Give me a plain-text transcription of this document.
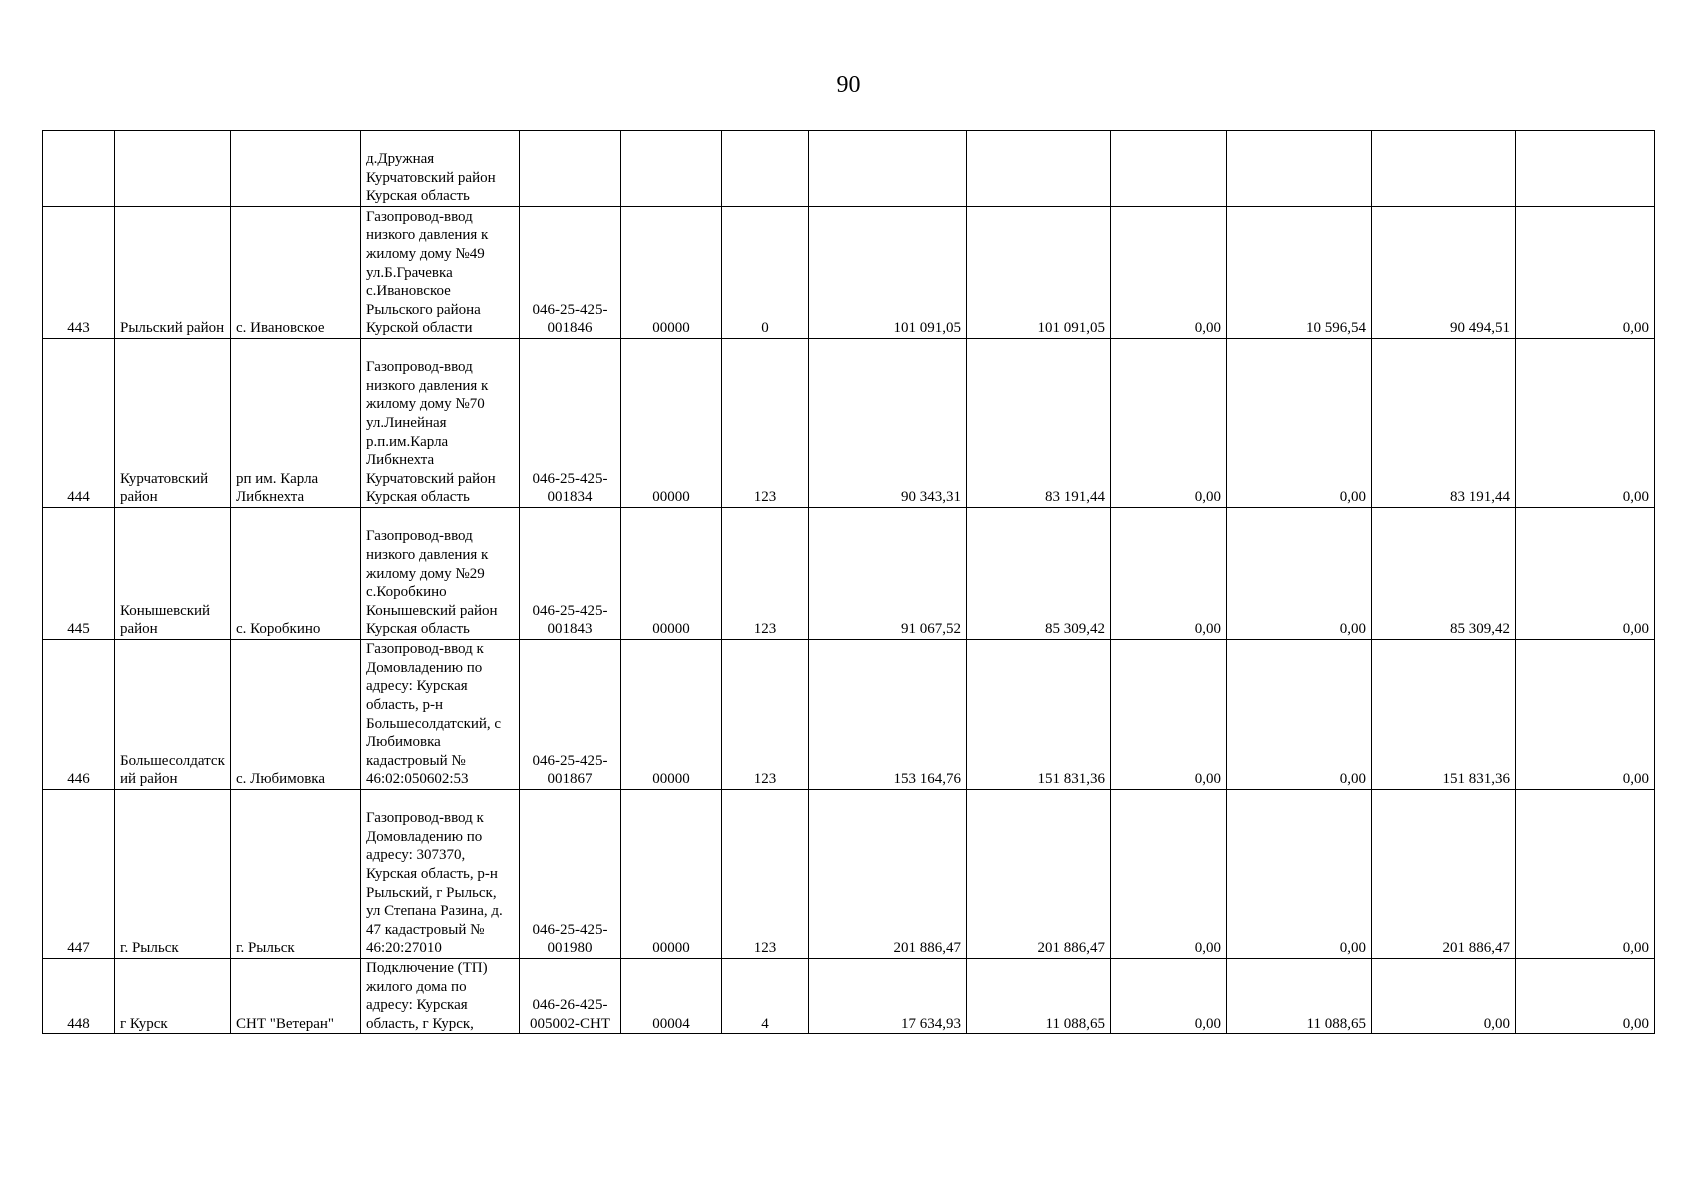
90
			д.Дружная Курчатовский район Курская область									
443	Рыльский район	с. Ивановское	Газопровод-ввод низкого давления к жилому дому №49 ул.Б.Грачевка с.Ивановское Рыльского района Курской области	046-25-425-001846	00000	0	101 091,05	101 091,05	0,00	10 596,54	90 494,51	0,00
444	Курчатовский район	рп им. Карла Либкнехта	Газопровод-ввод низкого давления к жилому дому №70 ул.Линейная р.п.им.Карла Либкнехта Курчатовский район Курская область	046-25-425-001834	00000	123	90 343,31	83 191,44	0,00	0,00	83 191,44	0,00
445	Конышевский район	с. Коробкино	Газопровод-ввод низкого давления к жилому дому №29 с.Коробкино Конышевский район Курская область	046-25-425-001843	00000	123	91 067,52	85 309,42	0,00	0,00	85 309,42	0,00
446	Большесолдатский район	с. Любимовка	Газопровод-ввод к Домовладению по адресу: Курская область, р-н Большесолдатский, с Любимовка кадастровый № 46:02:050602:53	046-25-425-001867	00000	123	153 164,76	151 831,36	0,00	0,00	151 831,36	0,00
447	г. Рыльск	г. Рыльск	Газопровод-ввод к Домовладению по адресу: 307370, Курская область, р-н Рыльский, г Рыльск, ул Степана Разина, д. 47 кадастровый № 46:20:27010	046-25-425-001980	00000	123	201 886,47	201 886,47	0,00	0,00	201 886,47	0,00
448	г Курск	СНТ "Ветеран"	Подключение (ТП) жилого дома по адресу: Курская область, г Курск,	046-26-425-005002-СНТ	00004	4	17 634,93	11 088,65	0,00	11 088,65	0,00	0,00
